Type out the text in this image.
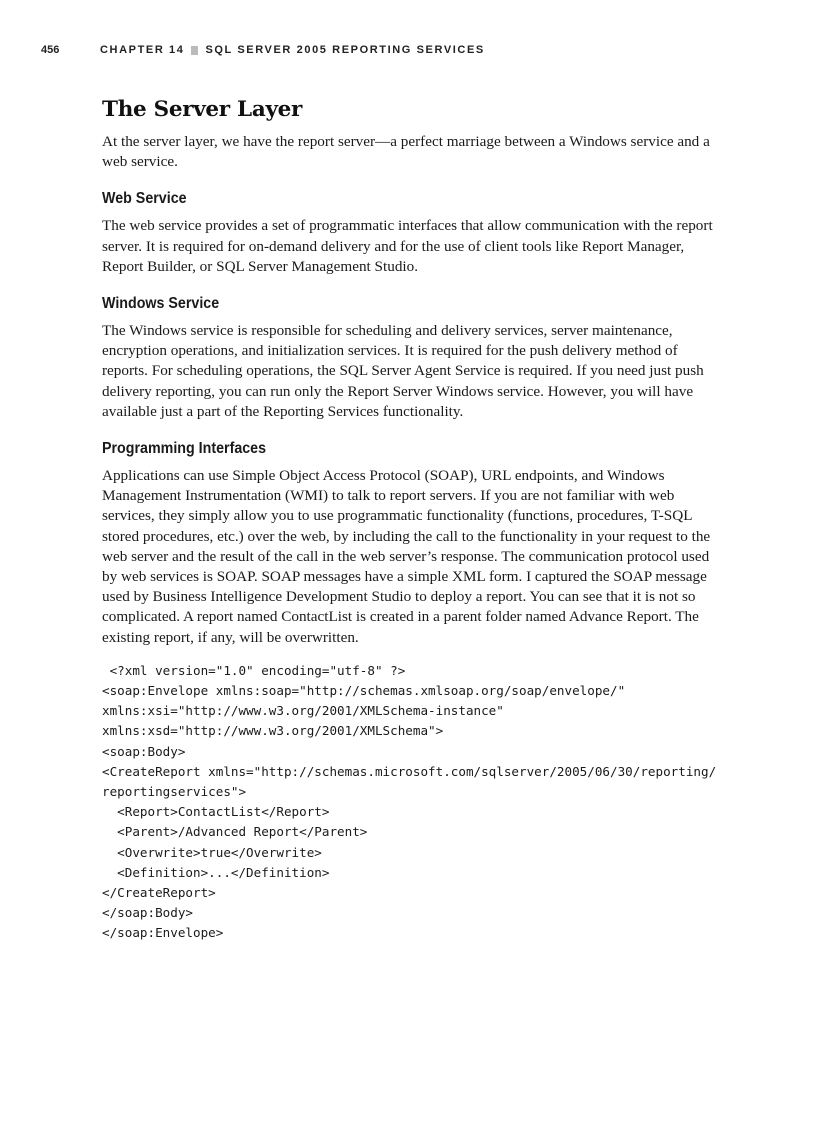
456	CHAPTER 14 SQL SERVER 2005 REPORTING SERVICES
The Server Layer

At the server layer, we have the report server—a perfect marriage between a Windows service and a web service.

Web Service

The web service provides a set of programmatic interfaces that allow communication with the report server. It is required for on-demand delivery and for the use of client tools like Report Manager, Report Builder, or SQL Server Management Studio.

Windows Service

The Windows service is responsible for scheduling and delivery services, server maintenance, encryption operations, and initialization services. It is required for the push delivery method of reports. For scheduling operations, the SQL Server Agent Service is required. If you need just push delivery reporting, you can run only the Report Server Windows service. However, you will have available just a part of the Reporting Services functionality.

Programming Interfaces

Applications can use Simple Object Access Protocol (SOAP), URL endpoints, and Windows Management Instrumentation (WMI) to talk to report servers. If you are not familiar with web services, they simply allow you to use programmatic functionality (functions, procedures, T-SQL stored procedures, etc.) over the web, by including the call to the functionality in your request to the web server and the result of the call in the web server’s response. The communication protocol used by web services is SOAP. SOAP messages have a simple XML form. I captured the SOAP message used by Business Intelligence Development Studio to deploy a report. You can see that it is not so complicated. A report named ContactList is created in a parent folder named Advance Report. The existing report, if any, will be overwritten.

<?xml version="1.0" encoding="utf-8" ?>
<soap:Envelope xmlns:soap="http://schemas.xmlsoap.org/soap/envelope/"
xmlns:xsi="http://www.w3.org/2001/XMLSchema-instance"
xmlns:xsd="http://www.w3.org/2001/XMLSchema">
<soap:Body>
<CreateReport xmlns="http://schemas.microsoft.com/sqlserver/2005/06/30/reporting/
reportingservices">
<Report>ContactList</Report>
<Parent>/Advanced Report</Parent>
<Overwrite>true</Overwrite>
<Definition>...</Definition>
</CreateReport>
</soap:Body>
</soap:Envelope>
